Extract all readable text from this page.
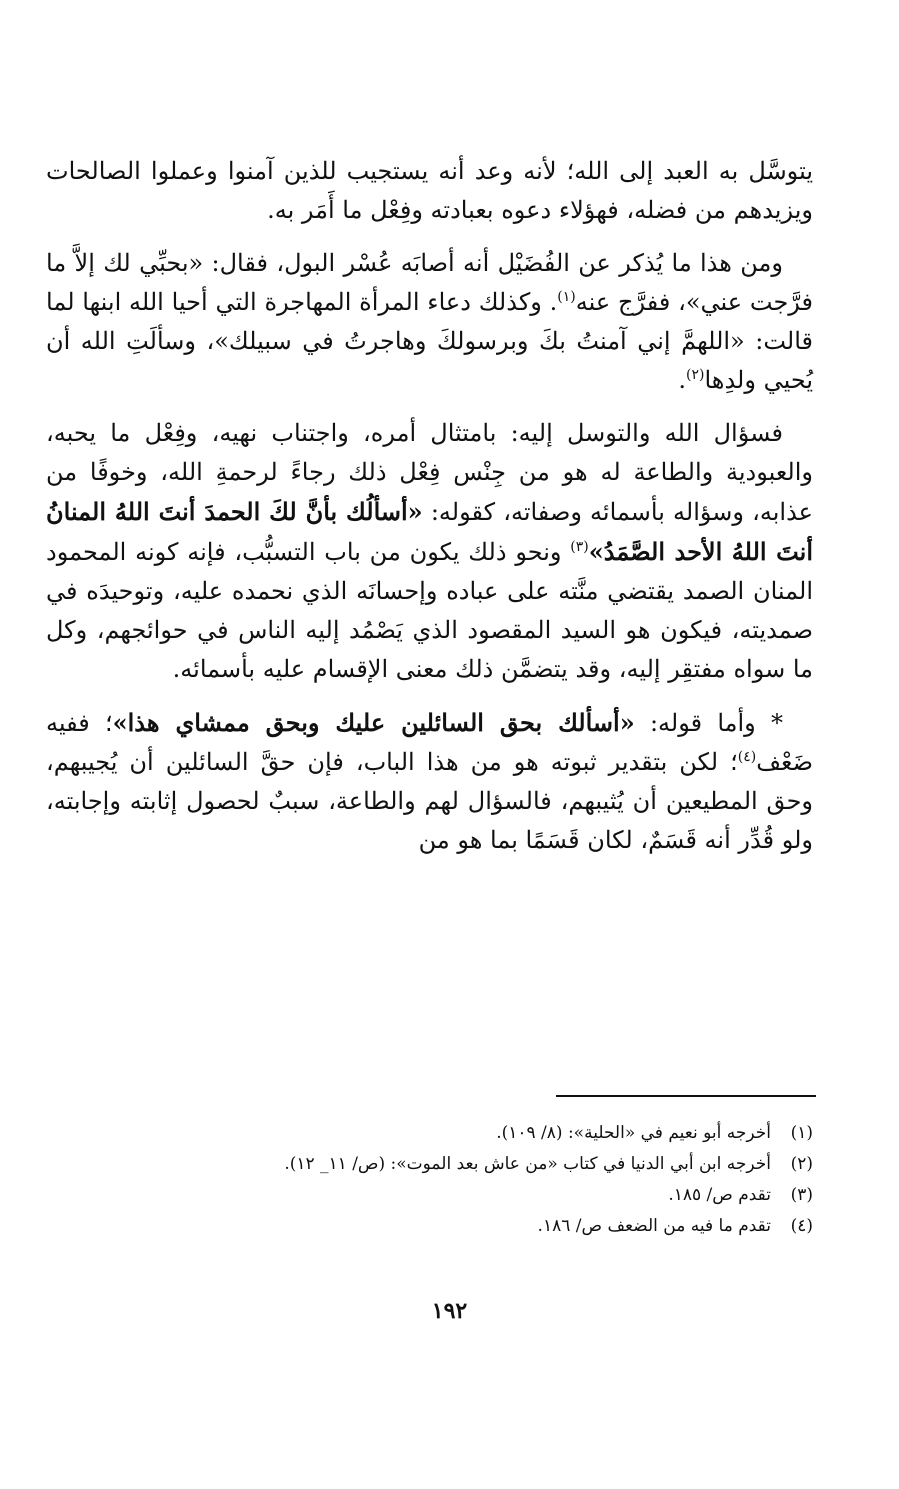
يتوسَّل به العبد إلى الله؛ لأنه وعد أنه يستجيب للذين آمنوا وعملوا الصالحات ويزيدهم من فضله، فهؤلاء دعوه بعبادته وفِعْل ما أَمَر به.

ومن هذا ما يُذكر عن الفُضَيْل أنه أصابَه عُسْر البول، فقال: «بحبِّي لك إلاَّ ما فرَّجت عني»، ففرَّج عنه$^{(١)}$. وكذلك دعاء المرأة المهاجرة التي أحيا الله ابنها لما قالت: «اللهمَّ إني آمنتُ بكَ وبرسولكَ وهاجرتُ في سبيلك»، وسألَتِ الله أن يُحيي ولدِها$^{(٢)}$.

فسؤال الله والتوسل إليه: بامتثال أمره، واجتناب نهيه، وفِعْل ما يحبه، والعبودية والطاعة له هو من جِنْس فِعْل ذلك رجاءً لرحمةِ الله، وخوفًا من عذابه، وسؤاله بأسمائه وصفاته، كقوله: «أسألُك بأنَّ لكَ الحمدَ أنتَ اللهُ المنانُ أنتَ اللهُ الأحد الصَّمَدُ»$^{(٣)}$ ونحو ذلك يكون من باب التسبُّب، فإنه كونه المحمود المنان الصمد يقتضي منَّته على عباده وإحسانَه الذي نحمده عليه، وتوحيدَه في صمديته، فيكون هو السيد المقصود الذي يَصْمُد إليه الناس في حوائجهم، وكل ما سواه مفتقِر إليه، وقد يتضمَّن ذلك معنى الإقسام عليه بأسمائه.

* وأما قوله: «أسألك بحق السائلين عليك وبحق ممشاي هذا»؛ ففيه ضَعْف$^{(٤)}$؛ لكن بتقدير ثبوته هو من هذا الباب، فإن حقَّ السائلين أن يُجيبهم، وحق المطيعين أن يُثيبهم، فالسؤال لهم والطاعة، سببٌ لحصول إثابته وإجابته، ولو قُدِّر أنه قَسَمٌ، لكان قَسَمًا بما هو من

(١)أخرجه أبو نعيم في «الحلية»: (٨/ ١٠٩).
(٢)أخرجه ابن أبي الدنيا في كتاب «من عاش بعد الموت»: (ص/ ١١_ ١٢).
(٣)تقدم ص/ ١٨٥.
(٤)تقدم ما فيه من الضعف ص/ ١٨٦.
١٩٢
